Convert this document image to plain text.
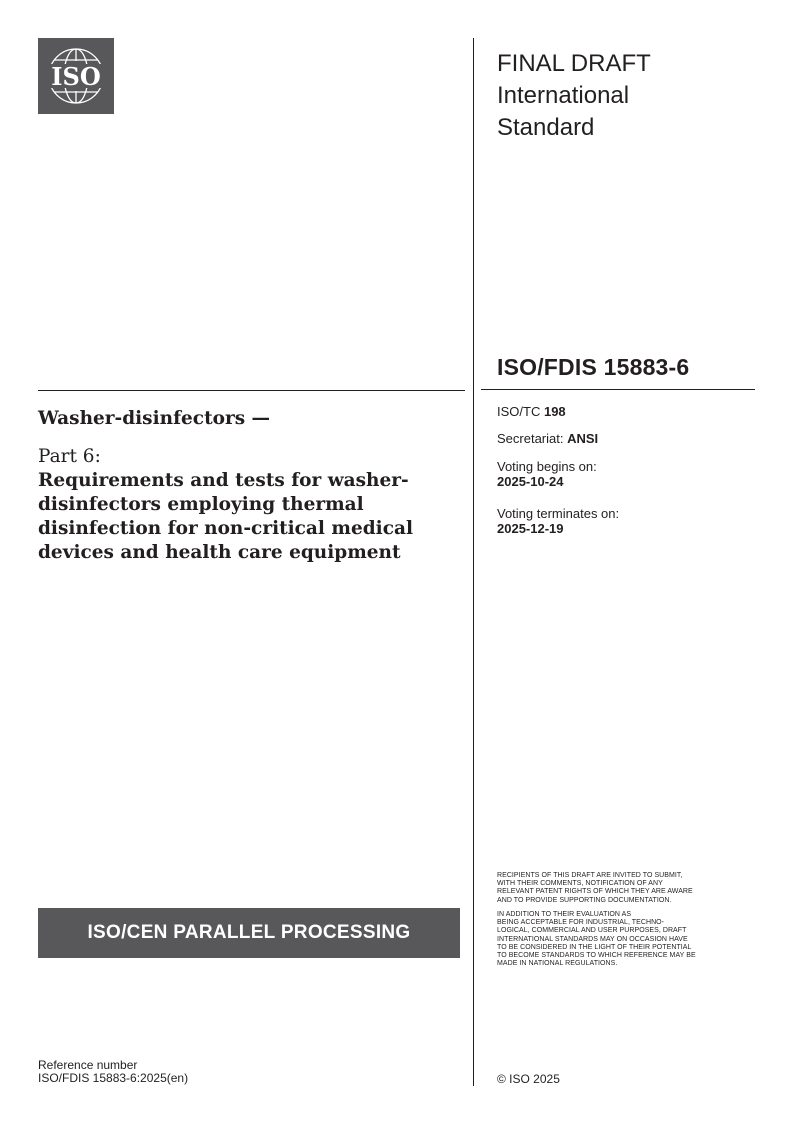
ISO	FINAL DRAFT
International
Standard
ISO/FDIS 15883-6
ISO/TC 198
Secretariat: ANSI
Voting begins on:
2025-10-24
Voting terminates on:
2025-12-19
Washer-disinfectors —
Part 6:
Requirements and tests for washer-
disinfectors employing thermal
disinfection for non-critical medical
devices and health care equipment
RECIPIENTS OF THIS DRAFT ARE INVITED TO SUBMIT,
WITH THEIR COMMENTS, NOTIFICATION OF ANY
RELEVANT PATENT RIGHTS OF WHICH THEY ARE AWARE
AND TO PROVIDE SUPPORTING DOCUMENTATION.
IN ADDITION TO THEIR EVALUATION AS
BEING ACCEPTABLE FOR INDUSTRIAL, TECHNO-
LOGICAL, COMMERCIAL AND USER PURPOSES, DRAFT
INTERNATIONAL STANDARDS MAY ON OCCASION HAVE
TO BE CONSIDERED IN THE LIGHT OF THEIR POTENTIAL
TO BECOME STANDARDS TO WHICH REFERENCE MAY BE
MADE IN NATIONAL REGULATIONS.
ISO/CEN PARALLEL PROCESSING
Reference number
ISO/FDIS 15883-6:2025(en)	© ISO 2025
